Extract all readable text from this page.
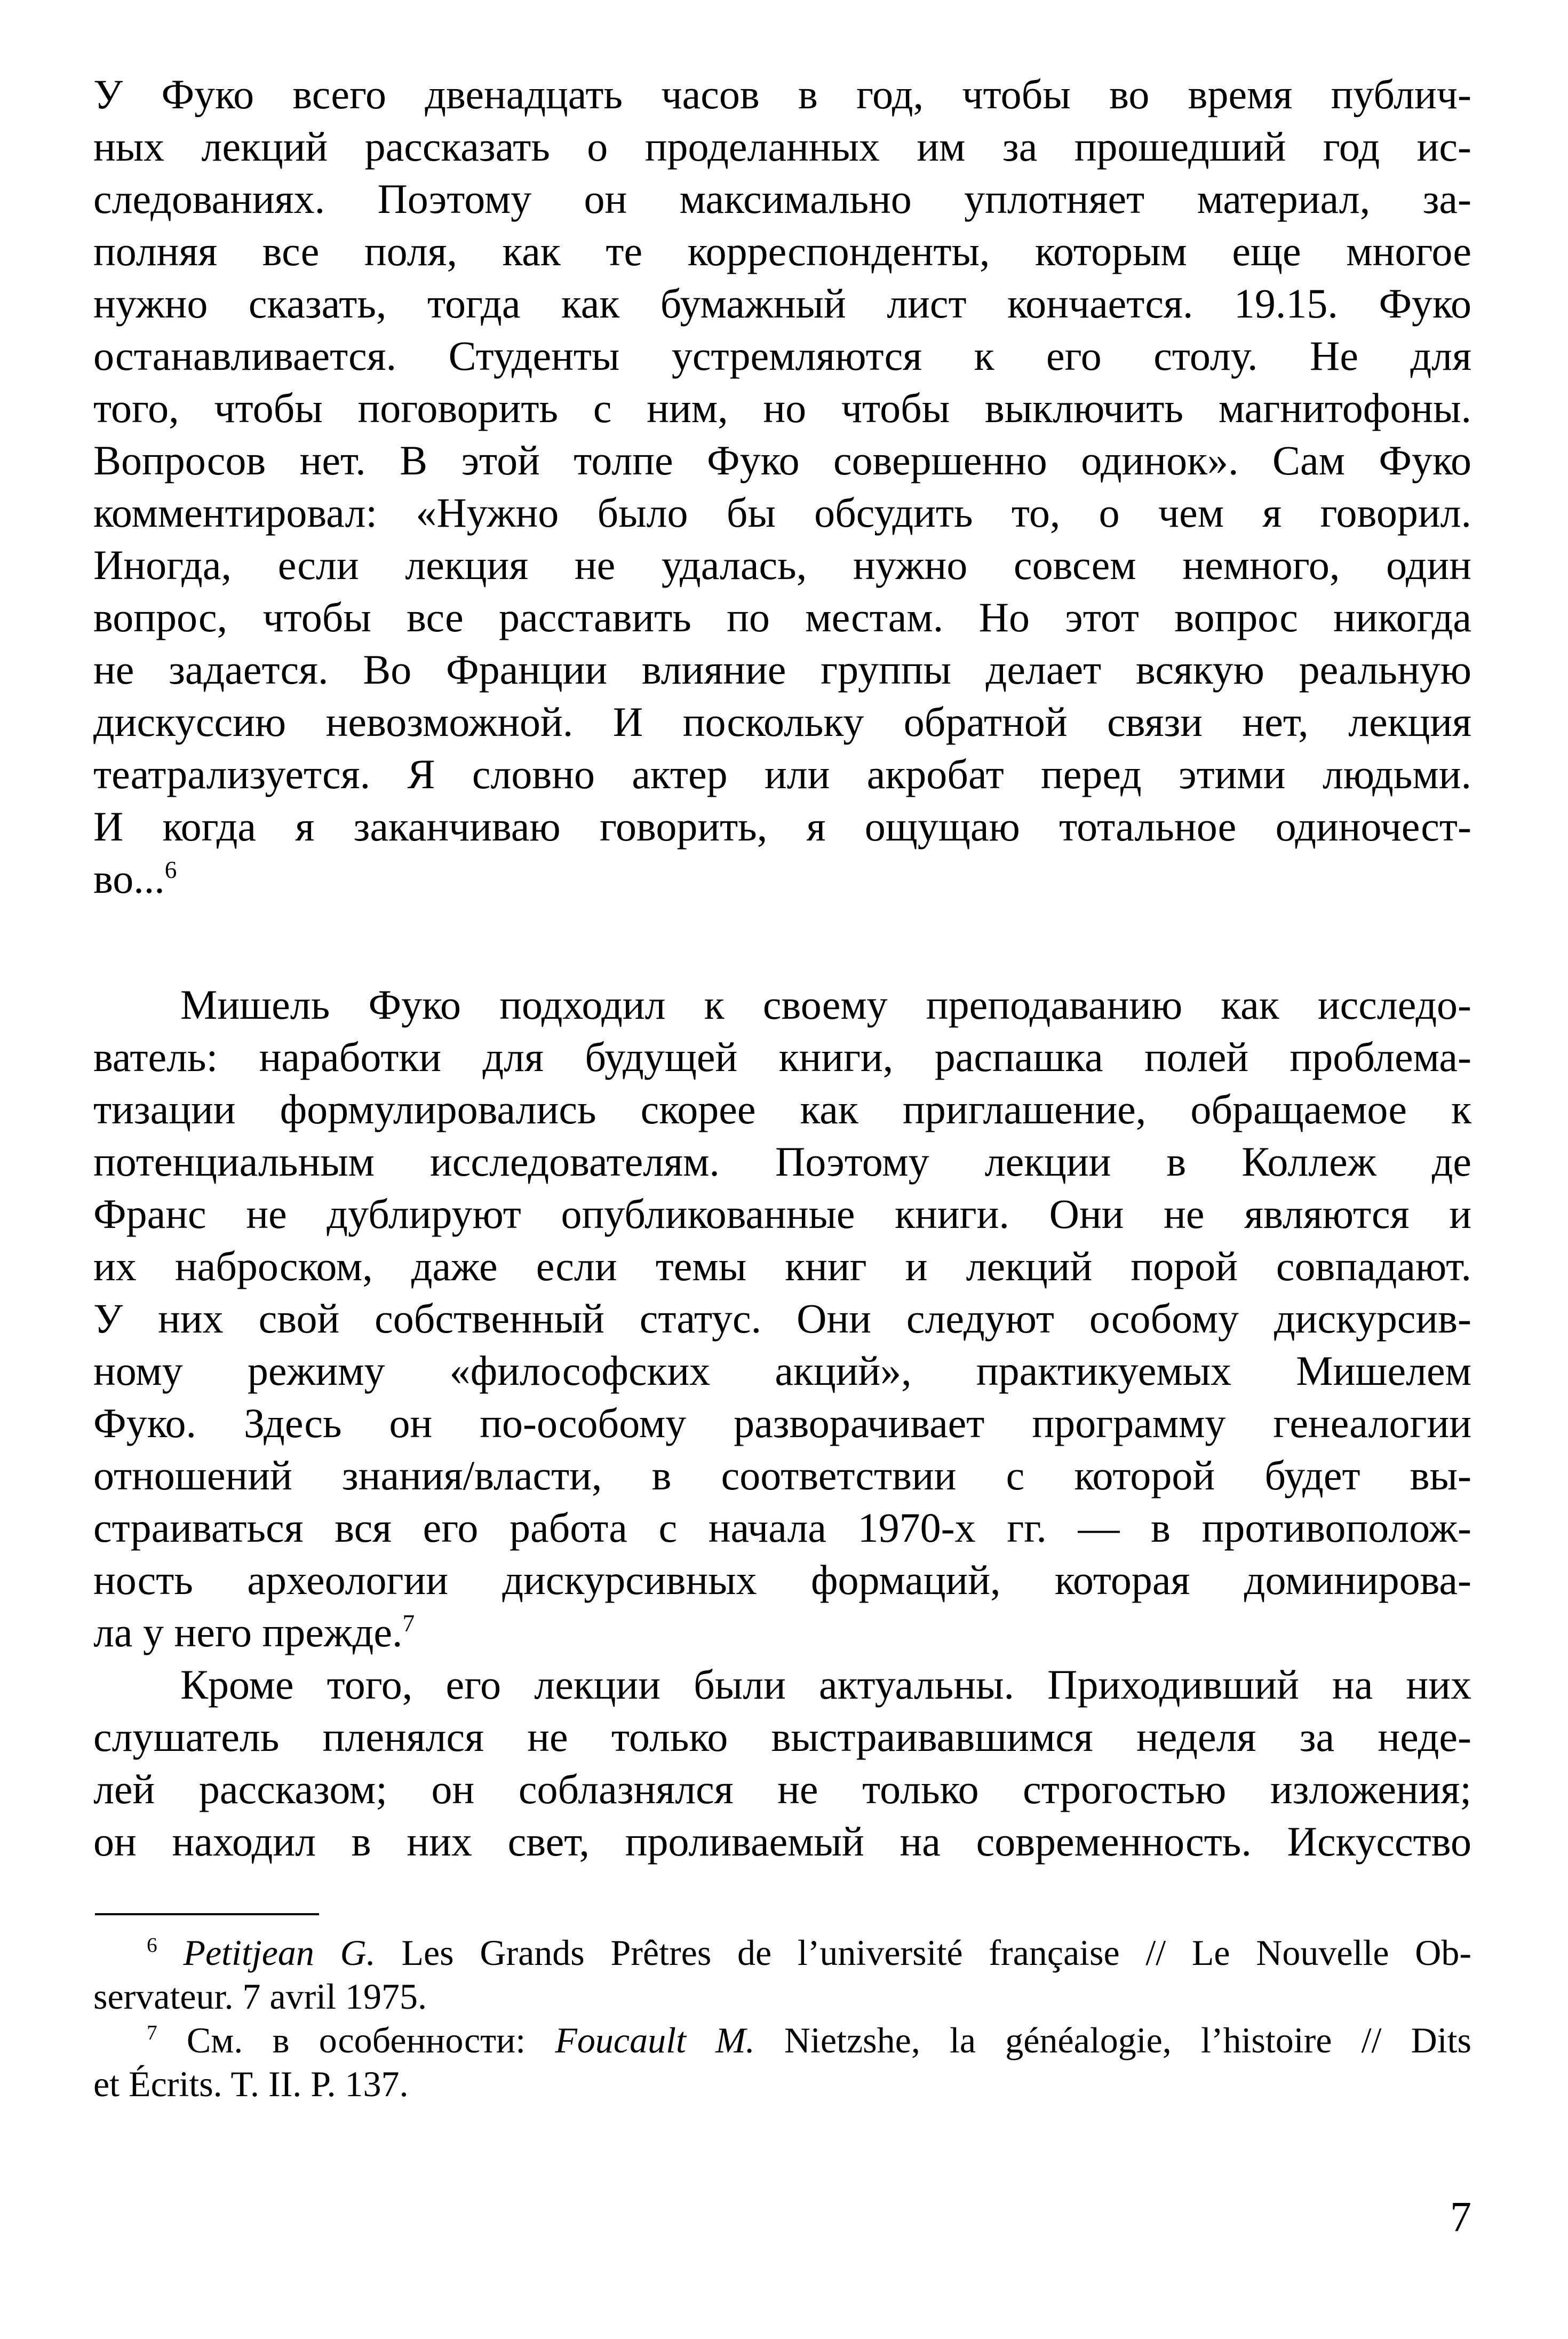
У Фуко всего двенадцать часов в год, чтобы во время публич-
ных лекций рассказать о проделанных им за прошедший год ис-
следованиях. Поэтому он максимально уплотняет материал, за-
полняя все поля, как те корреспонденты, которым еще многое
нужно сказать, тогда как бумажный лист кончается. 19.15. Фуко
останавливается. Студенты устремляются к его столу. Не для
того, чтобы поговорить с ним, но чтобы выключить магнитофоны.
Вопросов нет. В этой толпе Фуко совершенно одинок». Сам Фуко
комментировал: «Нужно было бы обсудить то, о чем я говорил.
Иногда, если лекция не удалась, нужно совсем немного, один
вопрос, чтобы все расставить по местам. Но этот вопрос никогда
не задается. Во Франции влияние группы делает всякую реальную
дискуссию невозможной. И поскольку обратной связи нет, лекция
театрализуется. Я словно актер или акробат перед этими людьми.
И когда я заканчиваю говорить, я ощущаю тотальное одиночест-
во...$^6$
Мишель Фуко подходил к своему преподаванию как исследо-
ватель: наработки для будущей книги, распашка полей проблема-
тизации формулировались скорее как приглашение, обращаемое к
потенциальным исследователям. Поэтому лекции в Коллеж де
Франс не дублируют опубликованные книги. Они не являются и
их наброском, даже если темы книг и лекций порой совпадают.
У них свой собственный статус. Они следуют особому дискурсив-
ному режиму «философских акций», практикуемых Мишелем
Фуко. Здесь он по-особому разворачивает программу генеалогии
отношений знания/власти, в соответствии с которой будет вы-
страиваться вся его работа с начала 1970-х гг. — в противополож-
ность археологии дискурсивных формаций, которая доминирова-
ла у него прежде.$^7$
Кроме того, его лекции были актуальны. Приходивший на них
слушатель пленялся не только выстраивавшимся неделя за неде-
лей рассказом; он соблазнялся не только строгостью изложения;
он находил в них свет, проливаемый на современность. Искусство
$^6$ Petitjean G. Les Grands Prêtres de l’université française // Le Nouvelle Ob-
servateur. 7 avril 1975.
$^7$ См. в особенности: Foucault M. Nietzshe, la généalogie, l’histoire // Dits
et Écrits. T. II. P. 137.
7
